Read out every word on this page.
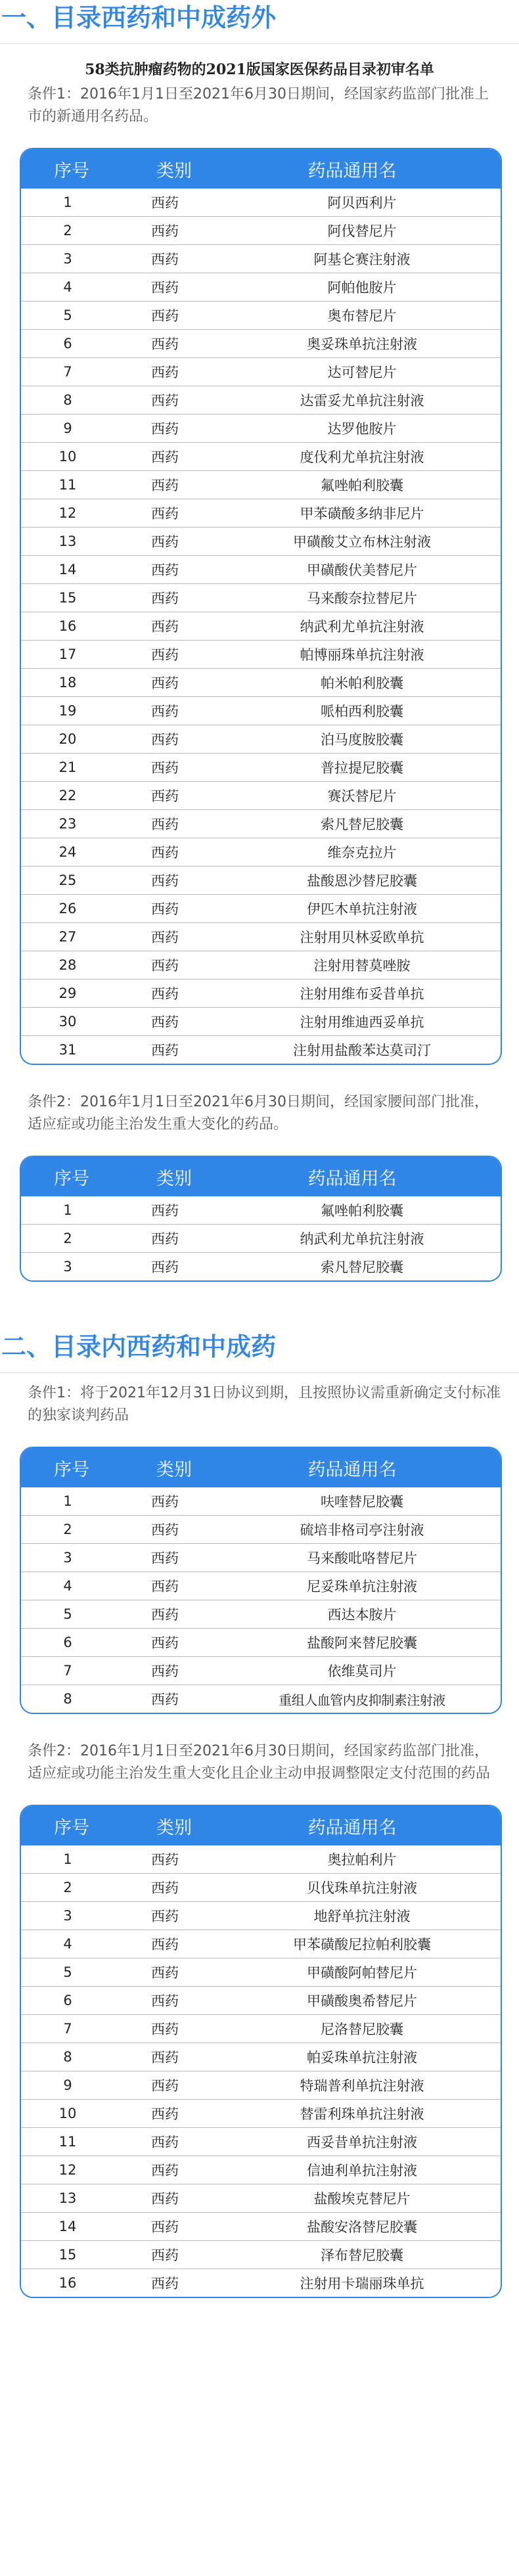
一、目录西药和中成药外
58类抗肿瘤药物的2021版国家医保药品目录初审名单

条件1：2016年1月1日至2021年6月30日期间，经国家药监部门批准上市的新通用名药品。

序号	类别	药品通用名
1	西药	阿贝西利片
2	西药	阿伐替尼片
3	西药	阿基仑赛注射液
4	西药	阿帕他胺片
5	西药	奥布替尼片
6	西药	奥妥珠单抗注射液
7	西药	达可替尼片
8	西药	达雷妥尤单抗注射液
9	西药	达罗他胺片
10	西药	度伐利尤单抗注射液
11	西药	氟唑帕利胶囊
12	西药	甲苯磺酸多纳非尼片
13	西药	甲磺酸艾立布林注射液
14	西药	甲磺酸伏美替尼片
15	西药	马来酸奈拉替尼片
16	西药	纳武利尤单抗注射液
17	西药	帕博丽珠单抗注射液
18	西药	帕米帕利胶囊
19	西药	哌柏西利胶囊
20	西药	泊马度胺胶囊
21	西药	普拉提尼胶囊
22	西药	赛沃替尼片
23	西药	索凡替尼胶囊
24	西药	维奈克拉片
25	西药	盐酸恩沙替尼胶囊
26	西药	伊匹木单抗注射液
27	西药	注射用贝林妥欧单抗
28	西药	注射用替莫唑胺
29	西药	注射用维布妥昔单抗
30	西药	注射用维迪西妥单抗
31	西药	注射用盐酸苯达莫司汀

条件2：2016年1月1日至2021年6月30日期间，经国家腰间部门批准，适应症或功能主治发生重大变化的药品。

序号	类别	药品通用名
1	西药	氟唑帕利胶囊
2	西药	纳武利尤单抗注射液
3	西药	索凡替尼胶囊
二、目录内西药和中成药

条件1：将于2021年12月31日协议到期，且按照协议需重新确定支付标准的独家谈判药品

序号	类别	药品通用名
1	西药	呋喹替尼胶囊
2	西药	硫培非格司亭注射液
3	西药	马来酸吡咯替尼片
4	西药	尼妥珠单抗注射液
5	西药	西达本胺片
6	西药	盐酸阿来替尼胶囊
7	西药	依维莫司片
8	西药	重组人血管内皮抑制素注射液

条件2：2016年1月1日至2021年6月30日期间，经国家药监部门批准，适应症或功能主治发生重大变化且企业主动申报调整限定支付范围的药品

序号	类别	药品通用名
1	西药	奥拉帕利片
2	西药	贝伐珠单抗注射液
3	西药	地舒单抗注射液
4	西药	甲苯磺酸尼拉帕利胶囊
5	西药	甲磺酸阿帕替尼片
6	西药	甲磺酸奥希替尼片
7	西药	尼洛替尼胶囊
8	西药	帕妥珠单抗注射液
9	西药	特瑞普利单抗注射液
10	西药	替雷利珠单抗注射液
11	西药	西妥昔单抗注射液
12	西药	信迪利单抗注射液
13	西药	盐酸埃克替尼片
14	西药	盐酸安洛替尼胶囊
15	西药	泽布替尼胶囊
16	西药	注射用卡瑞丽珠单抗
